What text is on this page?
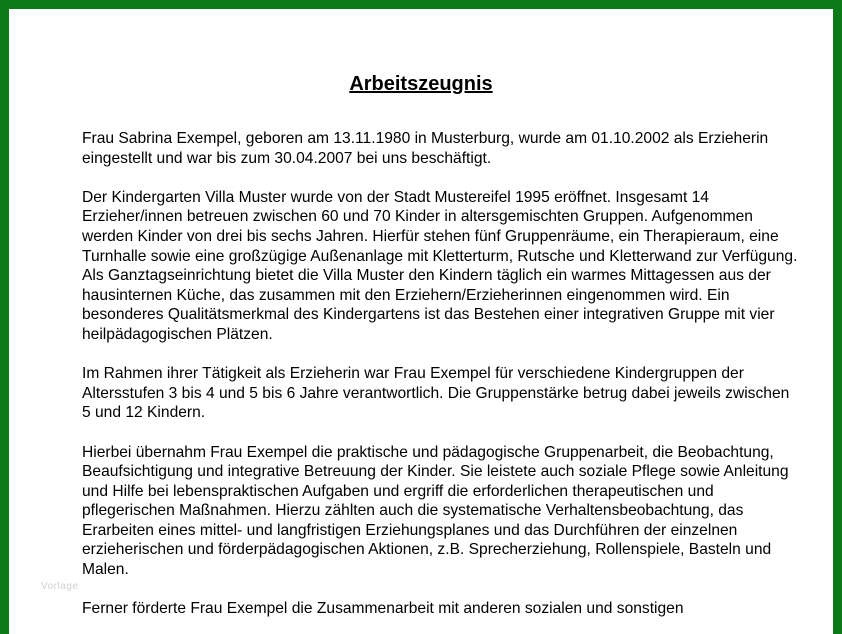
Arbeitszeugnis

Frau Sabrina Exempel, geboren am 13.11.1980 in Musterburg, wurde am 01.10.2002 als Erzieherin eingestellt und war bis zum 30.04.2007 bei uns beschäftigt.

Der Kindergarten Villa Muster wurde von der Stadt Mustereifel 1995 eröffnet. Insgesamt 14 Erzieher/innen betreuen zwischen 60 und 70 Kinder in altersgemischten Gruppen. Aufgenommen werden Kinder von drei bis sechs Jahren. Hierfür stehen fünf Gruppenräume, ein Therapieraum, eine Turnhalle sowie eine großzügige Außenanlage mit Kletterturm, Rutsche und Kletterwand zur Verfügung. Als Ganztagseinrichtung bietet die Villa Muster den Kindern täglich ein warmes Mittagessen aus der hausinternen Küche, das zusammen mit den Erziehern/Erzieherinnen eingenommen wird. Ein besonderes Qualitätsmerkmal des Kindergartens ist das Bestehen einer integrativen Gruppe mit vier heilpädagogischen Plätzen.

Im Rahmen ihrer Tätigkeit als Erzieherin war Frau Exempel für verschiedene Kindergruppen der Altersstufen 3 bis 4 und 5 bis 6 Jahre verantwortlich. Die Gruppenstärke betrug dabei jeweils zwischen 5 und 12 Kindern.

Hierbei übernahm Frau Exempel die praktische und pädagogische Gruppenarbeit, die Beobachtung, Beaufsichtigung und integrative Betreuung der Kinder. Sie leistete auch soziale Pflege sowie Anleitung und Hilfe bei lebenspraktischen Aufgaben und ergriff die erforderlichen therapeutischen und pflegerischen Maßnahmen. Hierzu zählten auch die systematische Verhaltensbeobachtung, das Erarbeiten eines mittel- und langfristigen Erziehungsplanes und das Durchführen der einzelnen erzieherischen und förderpädagogischen Aktionen, z.B. Sprecherziehung, Rollenspiele, Basteln und Malen.

Ferner förderte Frau Exempel die Zusammenarbeit mit anderen sozialen und sonstigen

Vorlage
